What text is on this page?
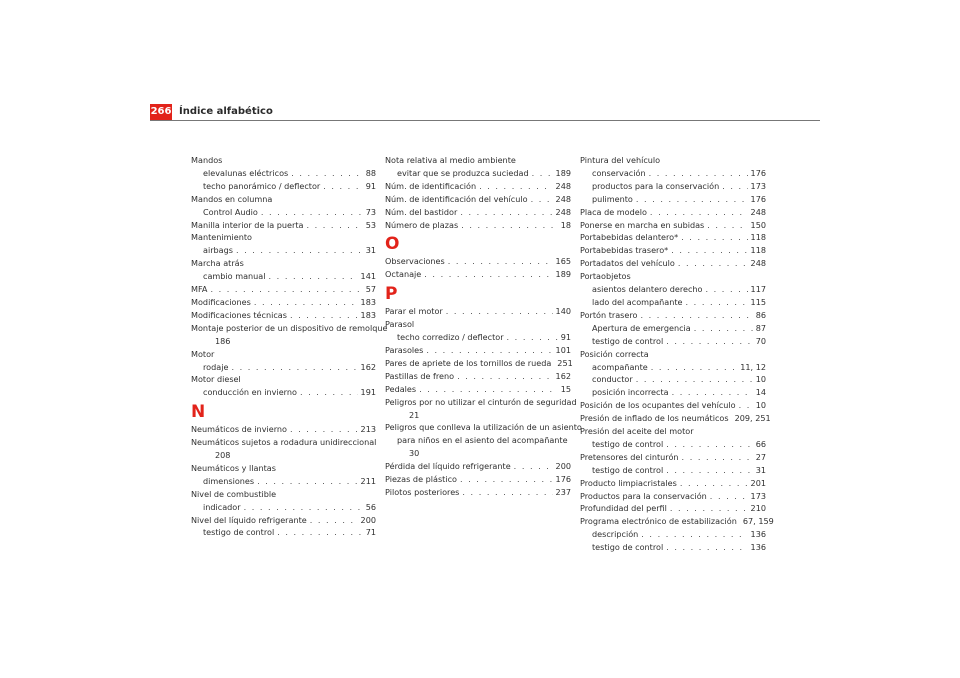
266 Índice alfabético
Mandos
elevalunas eléctricos . . .	88
techo panorámico / deflector . . .	91
Mandos en columna
Control Audio . . .	73
Manilla interior de la puerta . . .	53
Mantenimiento
airbags . . .	31
Marcha atrás
cambio manual . . .	141
MFA . . .	57
Modificaciones . . .	183
Modificaciones técnicas . . .	183
Montaje posterior de un dispositivo de remolque
186
Motor
rodaje . . .	162
Motor diesel
conducción en invierno . . .	191
N
Neumáticos de invierno . . .	213
Neumáticos sujetos a rodadura unidireccional
208
Neumáticos y llantas
dimensiones . . .	211
Nivel de combustible
indicador . . .	56
Nivel del líquido refrigerante . . .	200
testigo de control . . .	71
Nota relativa al medio ambiente
evitar que se produzca suciedad . . .	189
Núm. de identificación . . .	248
Núm. de identificación del vehículo . . .	248
Núm. del bastidor . . .	248
Número de plazas . . .	18
O
Observaciones . . .	165
Octanaje . . .	189
P
Parar el motor . . .	140
Parasol
techo corredizo / deflector . . .	91
Parasoles . . .	101
Pares de apriete de los tornillos de rueda 251
Pastillas de freno . . .	162
Pedales . . .	15
Peligros por no utilizar el cinturón de seguridad
21
Peligros que conlleva la utilización de un asiento
para niños en el asiento del acompañante
30
Pérdida del líquido refrigerante . . .	200
Piezas de plástico . . .	176
Pilotos posteriores . . .	237
Pintura del vehículo
conservación . . .	176
productos para la conservación . . .	173
pulimento . . .	176
Placa de modelo . . .	248
Ponerse en marcha en subidas . . .	150
Portabebidas delantero* . . .	118
Portabebidas trasero* . . .	118
Portadatos del vehículo . . .	248
Portaobjetos
asientos delantero derecho . . .	117
lado del acompañante . . .	115
Portón trasero . . .	86
Apertura de emergencia . . .	87
testigo de control . . .	70
Posición correcta
acompañante . . .	11, 12
conductor . . .	10
posición incorrecta . . .	14
Posición de los ocupantes del vehículo . . . 10
Presión de inflado de los neumáticos 209, 251
Presión del aceite del motor
testigo de control . . .	66
Pretensores del cinturón . . .	27
testigo de control . . .	31
Producto limpiacristales . . .	201
Productos para la conservación . . .	173
Profundidad del perfil . . .	210
Programa electrónico de estabilización 67, 159
descripción . . .	136
testigo de control . . .	136
